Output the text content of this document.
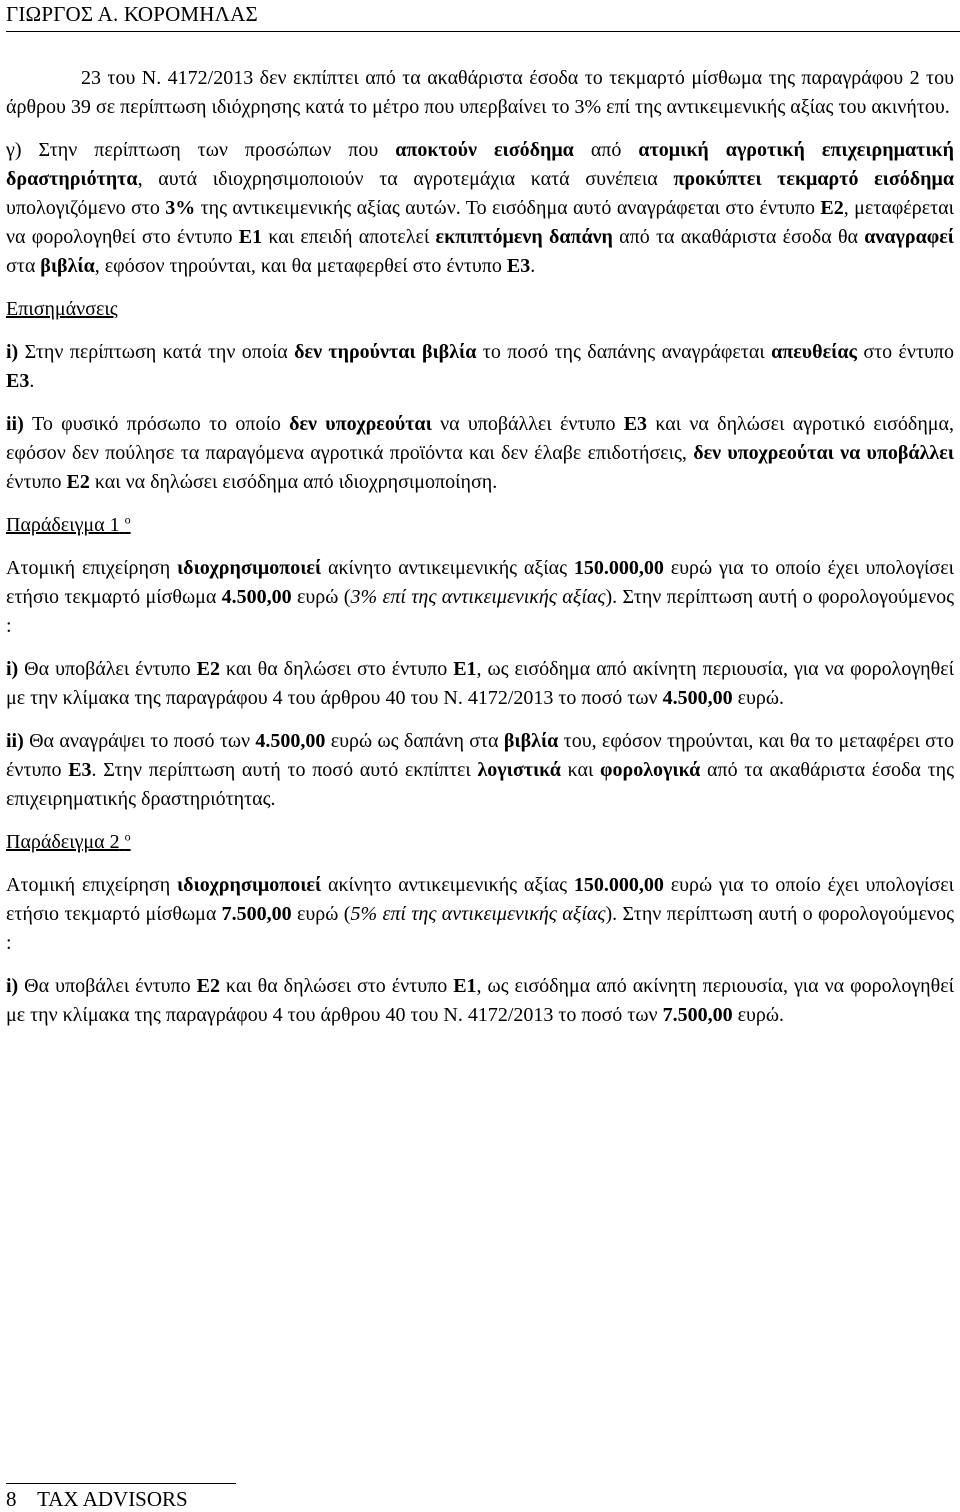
ΓΙΩΡΓΟΣ Α. ΚΟΡΟΜΗΛΑΣ

23 του Ν. 4172/2013 δεν εκπίπτει από τα ακαθάριστα έσοδα το τεκμαρτό μίσθωμα της παραγράφου 2 του άρθρου 39 σε περίπτωση ιδιόχρησης κατά το μέτρο που υπερβαίνει το 3% επί της αντικειμενικής αξίας του ακινήτου.

γ) Στην περίπτωση των προσώπων που αποκτούν εισόδημα από ατομική αγροτική επιχειρηματική δραστηριότητα, αυτά ιδιοχρησιμοποιούν τα αγροτεμάχια κατά συνέπεια προκύπτει τεκμαρτό εισόδημα υπολογιζόμενο στο 3% της αντικειμενικής αξίας αυτών. Το εισόδημα αυτό αναγράφεται στο έντυπο Ε2, μεταφέρεται να φορολογηθεί στο έντυπο Ε1 και επειδή αποτελεί εκπιπτόμενη δαπάνη από τα ακαθάριστα έσοδα θα αναγραφεί στα βιβλία, εφόσον τηρούνται, και θα μεταφερθεί στο έντυπο Ε3.

Επισημάνσεις

i) Στην περίπτωση κατά την οποία δεν τηρούνται βιβλία το ποσό της δαπάνης αναγράφεται απευθείας στο έντυπο Ε3.

ii) Το φυσικό πρόσωπο το οποίο δεν υποχρεούται να υποβάλλει έντυπο Ε3 και να δηλώσει αγροτικό εισόδημα, εφόσον δεν πούλησε τα παραγόμενα αγροτικά προϊόντα και δεν έλαβε επιδοτήσεις, δεν υποχρεούται να υποβάλλει έντυπο Ε2 και να δηλώσει εισόδημα από ιδιοχρησιμοποίηση.

Παράδειγμα 1 $^o$

Ατομική επιχείρηση ιδιοχρησιμοποιεί ακίνητο αντικειμενικής αξίας 150.000,00 ευρώ για το οποίο έχει υπολογίσει ετήσιο τεκμαρτό μίσθωμα 4.500,00 ευρώ (3% επί της αντικειμενικής αξίας). Στην περίπτωση αυτή ο φορολογούμενος :

i) Θα υποβάλει έντυπο Ε2 και θα δηλώσει στο έντυπο Ε1, ως εισόδημα από ακίνητη περιουσία, για να φορολογηθεί με την κλίμακα της παραγράφου 4 του άρθρου 40 του Ν. 4172/2013 το ποσό των 4.500,00 ευρώ.

ii) Θα αναγράψει το ποσό των 4.500,00 ευρώ ως δαπάνη στα βιβλία του, εφόσον τηρούνται, και θα το μεταφέρει στο έντυπο Ε3. Στην περίπτωση αυτή το ποσό αυτό εκπίπτει λογιστικά και φορολογικά από τα ακαθάριστα έσοδα της επιχειρηματικής δραστηριότητας.

Παράδειγμα 2 $^o$

Ατομική επιχείρηση ιδιοχρησιμοποιεί ακίνητο αντικειμενικής αξίας 150.000,00 ευρώ για το οποίο έχει υπολογίσει ετήσιο τεκμαρτό μίσθωμα 7.500,00 ευρώ (5% επί της αντικειμενικής αξίας). Στην περίπτωση αυτή ο φορολογούμενος :

i) Θα υποβάλει έντυπο Ε2 και θα δηλώσει στο έντυπο Ε1, ως εισόδημα από ακίνητη περιουσία, για να φορολογηθεί με την κλίμακα της παραγράφου 4 του άρθρου 40 του Ν. 4172/2013 το ποσό των 7.500,00 ευρώ.

8 TAX ADVISORS
